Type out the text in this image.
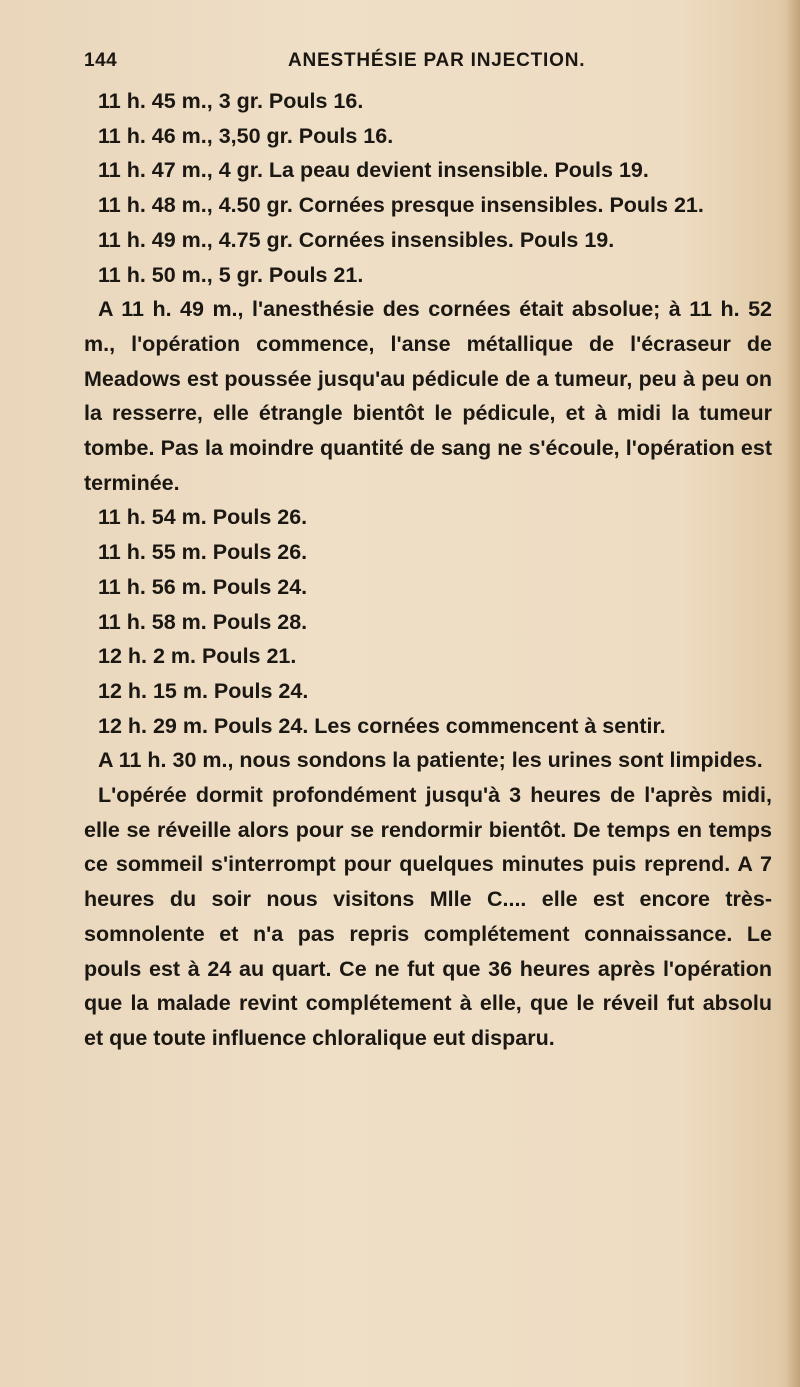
144	ANESTHÉSIE PAR INJECTION.

11 h. 45 m., 3 gr. Pouls 16.

11 h. 46 m., 3,50 gr. Pouls 16.

11 h. 47 m., 4 gr. La peau devient insensible. Pouls 19.

11 h. 48 m., 4.50 gr. Cornées presque insensibles. Pouls 21.

11 h. 49 m., 4.75 gr. Cornées insensibles. Pouls 19.

11 h. 50 m., 5 gr. Pouls 21.

A 11 h. 49 m., l'anesthésie des cornées était absolue; à 11 h. 52 m., l'opération commence, l'anse métallique de l'écraseur de Meadows est poussée jusqu'au pédicule de a tumeur, peu à peu on la resserre, elle étrangle bientôt le pédicule, et à midi la tumeur tombe. Pas la moindre quantité de sang ne s'écoule, l'opération est terminée.

11 h. 54 m. Pouls 26.

11 h. 55 m. Pouls 26.

11 h. 56 m. Pouls 24.

11 h. 58 m. Pouls 28.

12 h. 2 m. Pouls 21.

12 h. 15 m. Pouls 24.

12 h. 29 m. Pouls 24. Les cornées commencent à sentir.

A 11 h. 30 m., nous sondons la patiente; les urines sont limpides.

L'opérée dormit profondément jusqu'à 3 heures de l'après midi, elle se réveille alors pour se rendormir bientôt. De temps en temps ce sommeil s'interrompt pour quelques minutes puis reprend. A 7 heures du soir nous visitons Mlle C.... elle est encore très-somnolente et n'a pas repris complétement connaissance. Le pouls est à 24 au quart. Ce ne fut que 36 heures après l'opération que la malade revint complétement à elle, que le réveil fut absolu et que toute influence chloralique eut disparu.
